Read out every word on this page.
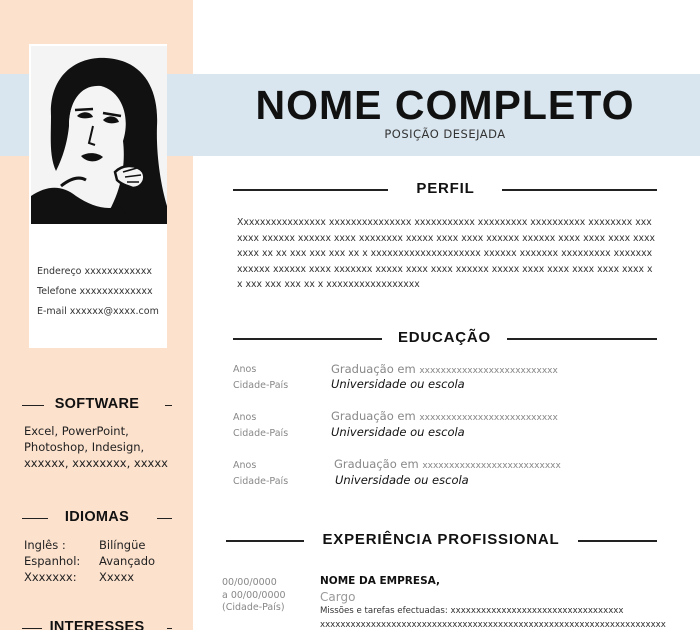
Endereço xxxxxxxxxxxx
Telefone xxxxxxxxxxxxx
E-mail xxxxxx@xxxx.com
SOFTWARE
Excel, PowerPoint,
Photoshop, Indesign,
xxxxxx, xxxxxxxx, xxxxx
IDIOMAS
Inglês :	Bilíngüe
Espanhol: Avançado
Xxxxxxx: Xxxxx
INTERESSES
NOME COMPLETO
POSIÇÃO DESEJADA
PERFIL
Xxxxxxxxxxxxxxxx xxxxxxxxxxxxxxx xxxxxxxxxxx xxxxxxxxx xxxxxxxxxx xxxxxxxx xxxxxxx xxxxxx xxxxxx xxxx xxxxxxxx xxxxx xxxx xxxx xxxxxx xxxxxx xxxx xxxx xxxx xxxx xxxx xx xx xxx xxx xxx xx x xxxxxxxxxxxxxxxxxxxx xxxxxx xxxxxxx xxxxxxxxx xxxxxxx xxxxxx xxxxxx xxxx xxxxxxx xxxxx xxxx xxxx xxxxxx xxxxx xxxx xxxx xxxx xxxx xxxx xx xxx xxx xxx xx x xxxxxxxxxxxxxxxxx
EDUCAÇÃO
Anos
Cidade-País
Graduação em xxxxxxxxxxxxxxxxxxxxxxxxxx
Universidade ou escola
Anos
Cidade-País
Graduação em xxxxxxxxxxxxxxxxxxxxxxxxxx
Universidade ou escola
Anos
Cidade-País
Graduação em xxxxxxxxxxxxxxxxxxxxxxxxxx
Universidade ou escola
EXPERIÊNCIA PROFISSIONAL
00/00/0000
a 00/00/0000
(Cidade-País)
NOME DA EMPRESA,
Cargo
Missões e tarefas efectuadas: xxxxxxxxxxxxxxxxxxxxxxxxxxxxxxxxxx
xxxxxxxxxxxxxxxxxxxxxxxxxxxxxxxxxxxxxxxxxxxxxxxxxxxxxxxxxxxxxxxxxxxx
